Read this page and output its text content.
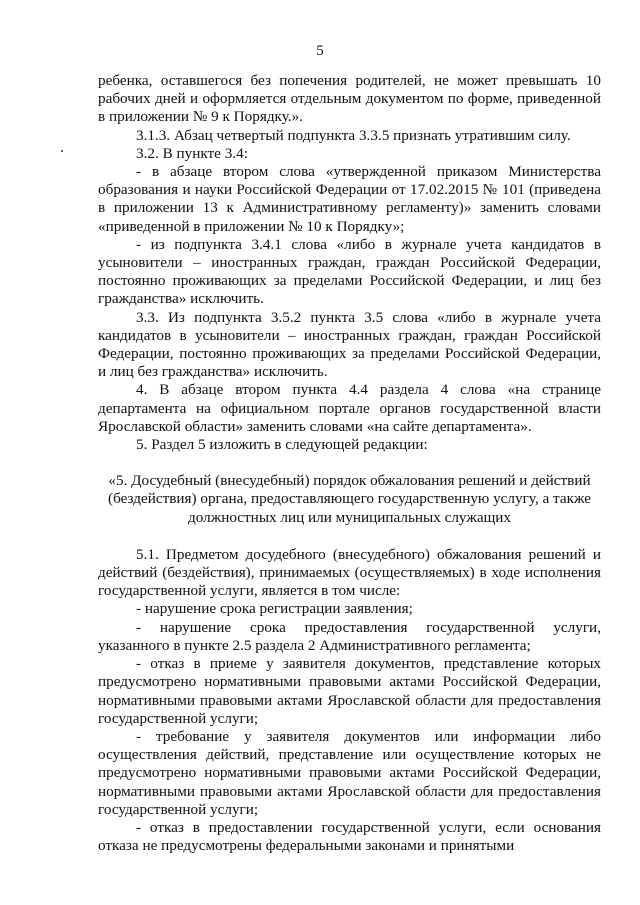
5

ребенка, оставшегося без попечения родителей, не может превышать 10 рабочих дней и оформляется отдельным документом по форме, приведенной в приложении № 9 к Порядку.».

3.1.3. Абзац четвертый подпункта 3.3.5 признать утратившим силу.

3.2. В пункте 3.4:

- в абзаце втором слова «утвержденной приказом Министерства образования и науки Российской Федерации от 17.02.2015 № 101 (приведена в приложении 13 к Административному регламенту)» заменить словами «приведенной в приложении № 10 к Порядку»;

- из подпункта 3.4.1 слова «либо в журнале учета кандидатов в усыновители – иностранных граждан, граждан Российской Федерации, постоянно проживающих за пределами Российской Федерации, и лиц без гражданства» исключить.

3.3. Из подпункта 3.5.2 пункта 3.5 слова «либо в журнале учета кандидатов в усыновители – иностранных граждан, граждан Российской Федерации, постоянно проживающих за пределами Российской Федерации, и лиц без гражданства» исключить.

4. В абзаце втором пункта 4.4 раздела 4 слова «на странице департамента на официальном портале органов государственной власти Ярославской области» заменить словами «на сайте департамента».

5. Раздел 5 изложить в следующей редакции:

«5. Досудебный (внесудебный) порядок обжалования решений и действий

(бездействия) органа, предоставляющего государственную услугу, а также

должностных лиц или муниципальных служащих

5.1. Предметом досудебного (внесудебного) обжалования решений и действий (бездействия), принимаемых (осуществляемых) в ходе исполнения государственной услуги, является в том числе:

- нарушение срока регистрации заявления;

- нарушение срока предоставления государственной услуги, указанного в пункте 2.5 раздела 2 Административного регламента;

- отказ в приеме у заявителя документов, представление которых предусмотрено нормативными правовыми актами Российской Федерации, нормативными правовыми актами Ярославской области для предоставления государственной услуги;

- требование у заявителя документов или информации либо осуществления действий, представление или осуществление которых не предусмотрено нормативными правовыми актами Российской Федерации, нормативными правовыми актами Ярославской области для предоставления государственной услуги;

- отказ в предоставлении государственной услуги, если основания отказа не предусмотрены федеральными законами и принятыми
